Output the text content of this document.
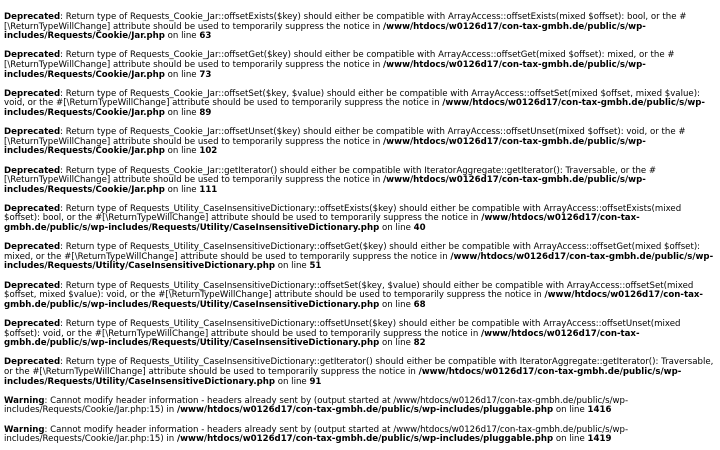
Deprecated: Return type of Requests_Cookie_Jar::offsetExists($key) should either be compatible with ArrayAccess::offsetExists(mixed $offset): bool, or the #[\ReturnTypeWillChange] attribute should be used to temporarily suppress the notice in /www/htdocs/w0126d17/con-tax-gmbh.de/public/s/wp-includes/Requests/Cookie/Jar.php on line 63

Deprecated: Return type of Requests_Cookie_Jar::offsetGet($key) should either be compatible with ArrayAccess::offsetGet(mixed $offset): mixed, or the #[\ReturnTypeWillChange] attribute should be used to temporarily suppress the notice in /www/htdocs/w0126d17/con-tax-gmbh.de/public/s/wp-includes/Requests/Cookie/Jar.php on line 73

Deprecated: Return type of Requests_Cookie_Jar::offsetSet($key, $value) should either be compatible with ArrayAccess::offsetSet(mixed $offset, mixed $value): void, or the #[\ReturnTypeWillChange] attribute should be used to temporarily suppress the notice in /www/htdocs/w0126d17/con-tax-gmbh.de/public/s/wp-includes/Requests/Cookie/Jar.php on line 89

Deprecated: Return type of Requests_Cookie_Jar::offsetUnset($key) should either be compatible with ArrayAccess::offsetUnset(mixed $offset): void, or the #[\ReturnTypeWillChange] attribute should be used to temporarily suppress the notice in /www/htdocs/w0126d17/con-tax-gmbh.de/public/s/wp-includes/Requests/Cookie/Jar.php on line 102

Deprecated: Return type of Requests_Cookie_Jar::getIterator() should either be compatible with IteratorAggregate::getIterator(): Traversable, or the #[\ReturnTypeWillChange] attribute should be used to temporarily suppress the notice in /www/htdocs/w0126d17/con-tax-gmbh.de/public/s/wp-includes/Requests/Cookie/Jar.php on line 111

Deprecated: Return type of Requests_Utility_CaseInsensitiveDictionary::offsetExists($key) should either be compatible with ArrayAccess::offsetExists(mixed $offset): bool, or the #[\ReturnTypeWillChange] attribute should be used to temporarily suppress the notice in /www/htdocs/w0126d17/con-tax-gmbh.de/public/s/wp-includes/Requests/Utility/CaseInsensitiveDictionary.php on line 40

Deprecated: Return type of Requests_Utility_CaseInsensitiveDictionary::offsetGet($key) should either be compatible with ArrayAccess::offsetGet(mixed $offset): mixed, or the #[\ReturnTypeWillChange] attribute should be used to temporarily suppress the notice in /www/htdocs/w0126d17/con-tax-gmbh.de/public/s/wp-includes/Requests/Utility/CaseInsensitiveDictionary.php on line 51

Deprecated: Return type of Requests_Utility_CaseInsensitiveDictionary::offsetSet($key, $value) should either be compatible with ArrayAccess::offsetSet(mixed $offset, mixed $value): void, or the #[\ReturnTypeWillChange] attribute should be used to temporarily suppress the notice in /www/htdocs/w0126d17/con-tax-gmbh.de/public/s/wp-includes/Requests/Utility/CaseInsensitiveDictionary.php on line 68

Deprecated: Return type of Requests_Utility_CaseInsensitiveDictionary::offsetUnset($key) should either be compatible with ArrayAccess::offsetUnset(mixed $offset): void, or the #[\ReturnTypeWillChange] attribute should be used to temporarily suppress the notice in /www/htdocs/w0126d17/con-tax-gmbh.de/public/s/wp-includes/Requests/Utility/CaseInsensitiveDictionary.php on line 82

Deprecated: Return type of Requests_Utility_CaseInsensitiveDictionary::getIterator() should either be compatible with IteratorAggregate::getIterator(): Traversable, or the #[\ReturnTypeWillChange] attribute should be used to temporarily suppress the notice in /www/htdocs/w0126d17/con-tax-gmbh.de/public/s/wp-includes/Requests/Utility/CaseInsensitiveDictionary.php on line 91

Warning: Cannot modify header information - headers already sent by (output started at /www/htdocs/w0126d17/con-tax-gmbh.de/public/s/wp-includes/Requests/Cookie/Jar.php:15) in /www/htdocs/w0126d17/con-tax-gmbh.de/public/s/wp-includes/pluggable.php on line 1416

Warning: Cannot modify header information - headers already sent by (output started at /www/htdocs/w0126d17/con-tax-gmbh.de/public/s/wp-includes/Requests/Cookie/Jar.php:15) in /www/htdocs/w0126d17/con-tax-gmbh.de/public/s/wp-includes/pluggable.php on line 1419
